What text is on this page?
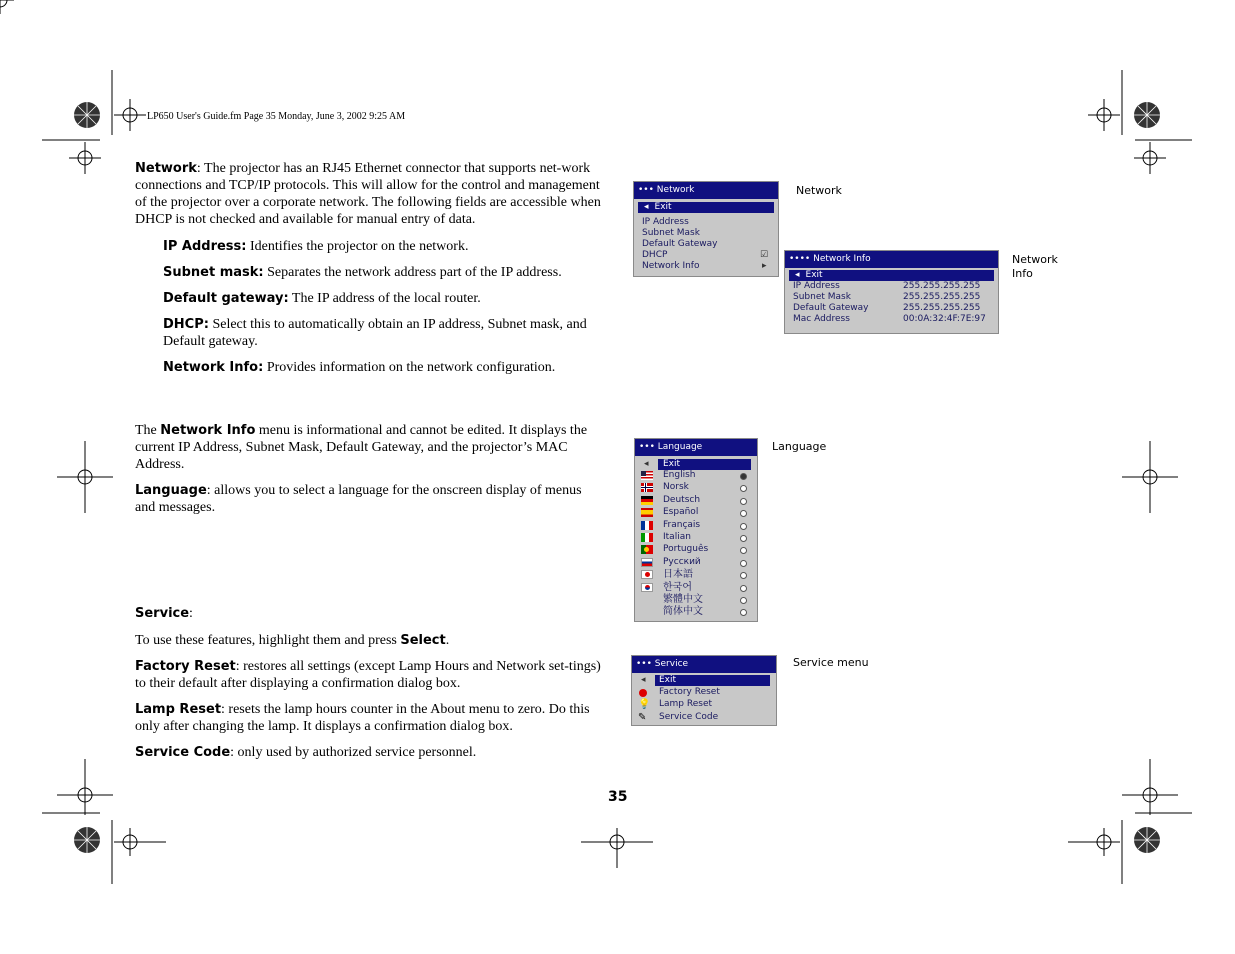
LP650 User's Guide.fm Page 35 Monday, June 3, 2002 9:25 AM

Network: The projector has an RJ45 Ethernet connector that supports net-work connections and TCP/IP protocols. This will allow for the control and management of the projector over a corporate network. The following fields are accessible when DHCP is not checked and available for manual entry of data.

IP Address: Identifies the projector on the network.

Subnet mask: Separates the network address part of the IP address.

Default gateway: The IP address of the local router.

DHCP: Select this to automatically obtain an IP address, Subnet mask, and Default gateway.

Network Info: Provides information on the network configuration.

The Network Info menu is informational and cannot be edited. It displays the current IP Address, Subnet Mask, Default Gateway, and the projector’s MAC Address.

Language: allows you to select a language for the onscreen display of menus and messages.

Service:

To use these features, highlight them and press Select.

Factory Reset: restores all settings (except Lamp Hours and Network set-tings) to their default after displaying a confirmation dialog box.

Lamp Reset: resets the lamp hours counter in the About menu to zero. Do this only after changing the lamp. It displays a confirmation dialog box.

Service Code: only used by authorized service personnel.

Network
Network
Info
Language
Service menu
••• Network
◂ Exit
IP Address
Subnet Mask
Default Gateway
DHCP	☑
Network Info	▸
•••• Network Info
◂ Exit
IP Address	255.255.255.255
Subnet Mask	255.255.255.255
Default Gateway	255.255.255.255
Mac Address	00:0A:32:4F:7E:97
••• Language
◂	Exit
English
Norsk
Deutsch
Español
Français
Italian
Português
Русский
日本語
한국어
繁體中文
简体中文
••• Service
◂	Exit
Factory Reset
💡 Lamp Reset
✎ Service Code
35
